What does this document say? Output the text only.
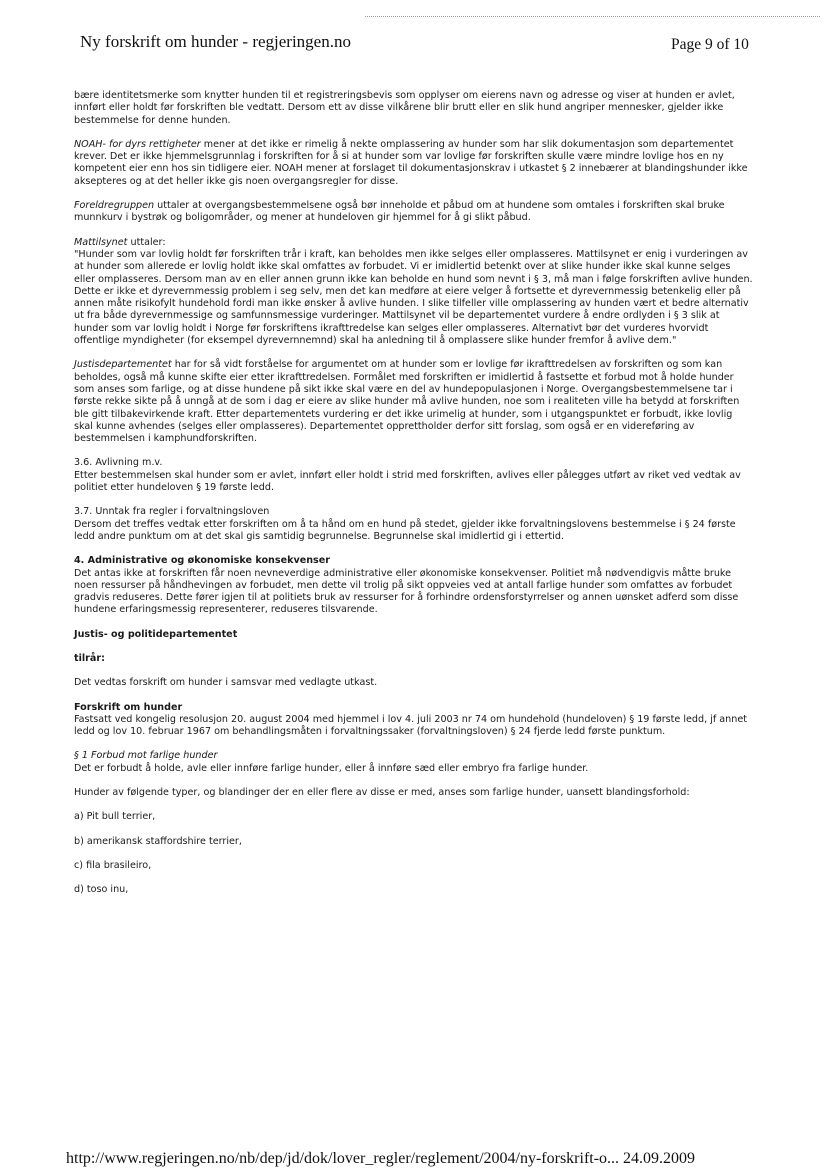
Ny forskrift om hunder - regjeringen.no	Page 9 of 10

bære identitetsmerke som knytter hunden til et registreringsbevis som opplyser om eierens navn og adresse og viser at hunden er avlet, innført eller holdt før forskriften ble vedtatt. Dersom ett av disse vilkårene blir brutt eller en slik hund angriper mennesker, gjelder ikke bestemmelse for denne hunden.

NOAH- for dyrs rettigheter mener at det ikke er rimelig å nekte omplassering av hunder som har slik dokumentasjon som departementet krever. Det er ikke hjemmelsgrunnlag i forskriften for å si at hunder som var lovlige før forskriften skulle være mindre lovlige hos en ny kompetent eier enn hos sin tidligere eier. NOAH mener at forslaget til dokumentasjonskrav i utkastet § 2 innebærer at blandingshunder ikke aksepteres og at det heller ikke gis noen overgangsregler for disse.

Foreldregruppen uttaler at overgangsbestemmelsene også bør inneholde et påbud om at hundene som omtales i forskriften skal bruke munnkurv i bystrøk og boligområder, og mener at hundeloven gir hjemmel for å gi slikt påbud.

Mattilsynet uttaler:

"Hunder som var lovlig holdt før forskriften trår i kraft, kan beholdes men ikke selges eller omplasseres. Mattilsynet er enig i vurderingen av at hunder som allerede er lovlig holdt ikke skal omfattes av forbudet. Vi er imidlertid betenkt over at slike hunder ikke skal kunne selges eller omplasseres. Dersom man av en eller annen grunn ikke kan beholde en hund som nevnt i § 3, må man i følge forskriften avlive hunden. Dette er ikke et dyrevernmessig problem i seg selv, men det kan medføre at eiere velger å fortsette et dyrevernmessig betenkelig eller på annen måte risikofylt hundehold fordi man ikke ønsker å avlive hunden. I slike tilfeller ville omplassering av hunden vært et bedre alternativ ut fra både dyrevernmessige og samfunnsmessige vurderinger. Mattilsynet vil be departementet vurdere å endre ordlyden i § 3 slik at hunder som var lovlig holdt i Norge før forskriftens ikrafttredelse kan selges eller omplasseres. Alternativt bør det vurderes hvorvidt offentlige myndigheter (for eksempel dyrevernnemnd) skal ha anledning til å omplassere slike hunder fremfor å avlive dem."

Justisdepartementet har for så vidt forståelse for argumentet om at hunder som er lovlige før ikrafttredelsen av forskriften og som kan beholdes, også må kunne skifte eier etter ikrafttredelsen. Formålet med forskriften er imidlertid å fastsette et forbud mot å holde hunder som anses som farlige, og at disse hundene på sikt ikke skal være en del av hundepopulasjonen i Norge. Overgangsbestemmelsene tar i første rekke sikte på å unngå at de som i dag er eiere av slike hunder må avlive hunden, noe som i realiteten ville ha betydd at forskriften ble gitt tilbakevirkende kraft. Etter departementets vurdering er det ikke urimelig at hunder, som i utgangspunktet er forbudt, ikke lovlig skal kunne avhendes (selges eller omplasseres). Departementet opprettholder derfor sitt forslag, som også er en videreføring av bestemmelsen i kamphundforskriften.

3.6. Avlivning m.v.

Etter bestemmelsen skal hunder som er avlet, innført eller holdt i strid med forskriften, avlives eller pålegges utført av riket ved vedtak av politiet etter hundeloven § 19 første ledd.

3.7. Unntak fra regler i forvaltningsloven

Dersom det treffes vedtak etter forskriften om å ta hånd om en hund på stedet, gjelder ikke forvaltningslovens bestemmelse i § 24 første ledd andre punktum om at det skal gis samtidig begrunnelse. Begrunnelse skal imidlertid gi i ettertid.

4. Administrative og økonomiske konsekvenser

Det antas ikke at forskriften får noen nevneverdige administrative eller økonomiske konsekvenser. Politiet må nødvendigvis måtte bruke noen ressurser på håndhevingen av forbudet, men dette vil trolig på sikt oppveies ved at antall farlige hunder som omfattes av forbudet gradvis reduseres. Dette fører igjen til at politiets bruk av ressurser for å forhindre ordensforstyrrelser og annen uønsket adferd som disse hundene erfaringsmessig representerer, reduseres tilsvarende.

Justis- og politidepartementet

tilrår:

Det vedtas forskrift om hunder i samsvar med vedlagte utkast.

Forskrift om hunder

Fastsatt ved kongelig resolusjon 20. august 2004 med hjemmel i lov 4. juli 2003 nr 74 om hundehold (hundeloven) § 19 første ledd, jf annet ledd og lov 10. februar 1967 om behandlingsmåten i forvaltningssaker (forvaltningsloven) § 24 fjerde ledd første punktum.

§ 1 Forbud mot farlige hunder

Det er forbudt å holde, avle eller innføre farlige hunder, eller å innføre sæd eller embryo fra farlige hunder.

Hunder av følgende typer, og blandinger der en eller flere av disse er med, anses som farlige hunder, uansett blandingsforhold:

a) Pit bull terrier,

b) amerikansk staffordshire terrier,

c) fila brasileiro,

d) toso inu,

http://www.regjeringen.no/nb/dep/jd/dok/lover_regler/reglement/2004/ny-forskrift-o... 24.09.2009
